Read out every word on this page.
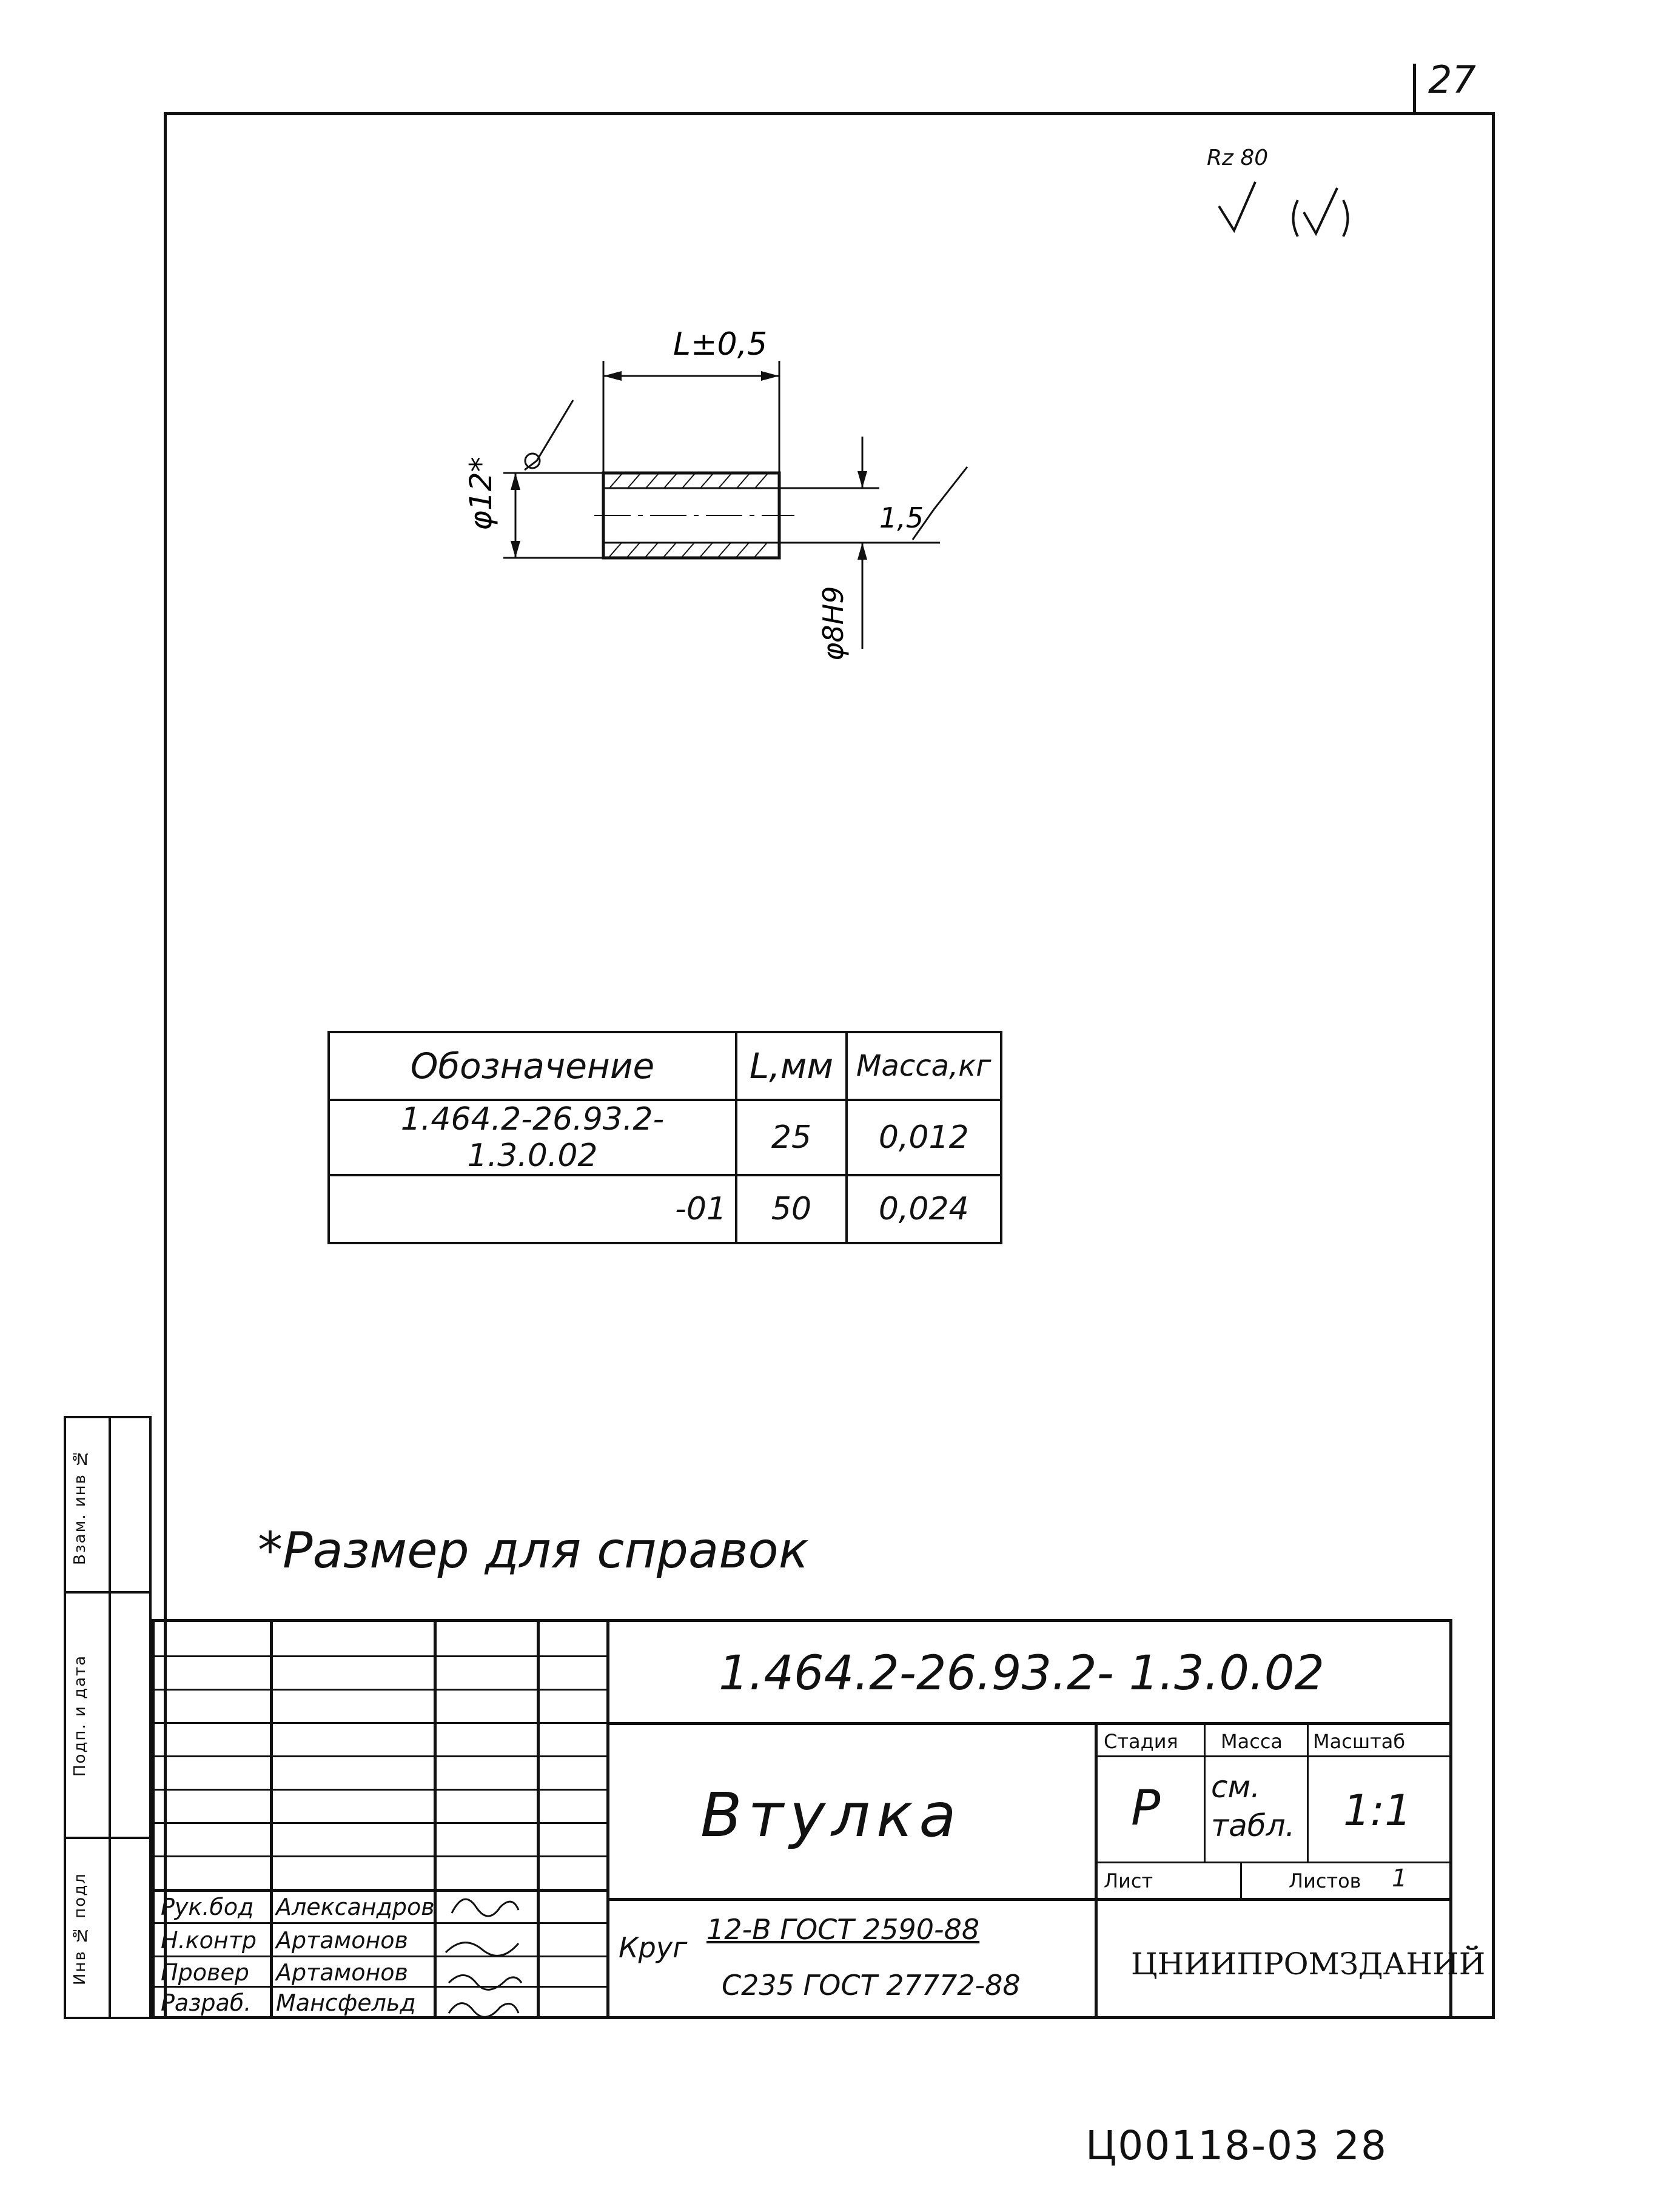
27
Rz 80
L±0,5
φ12*	1,5
φ8H9
Обозначение	L,мм	Масса,кг
1.464.2-26.93.2-1.3.0.02	25	0,012
-01	50	0,024
*Размер для справок
Взам. инв №
Подп. и дата
Инв № подл	Рук.бод Александров
Н.контр Артамонов
Провер Артамонов
Разраб. Мансфельд
1.464.2-26.93.2- 1.3.0.02
Втулка
Стадия Масса Масштаб
Р см. табл. 1:1
Лист	Листов 1
Круг
12-В ГОСТ 2590-88
С235 ГОСТ 27772-88
ЦНИИПРОМЗДАНИЙ
Ц00118-03 28
